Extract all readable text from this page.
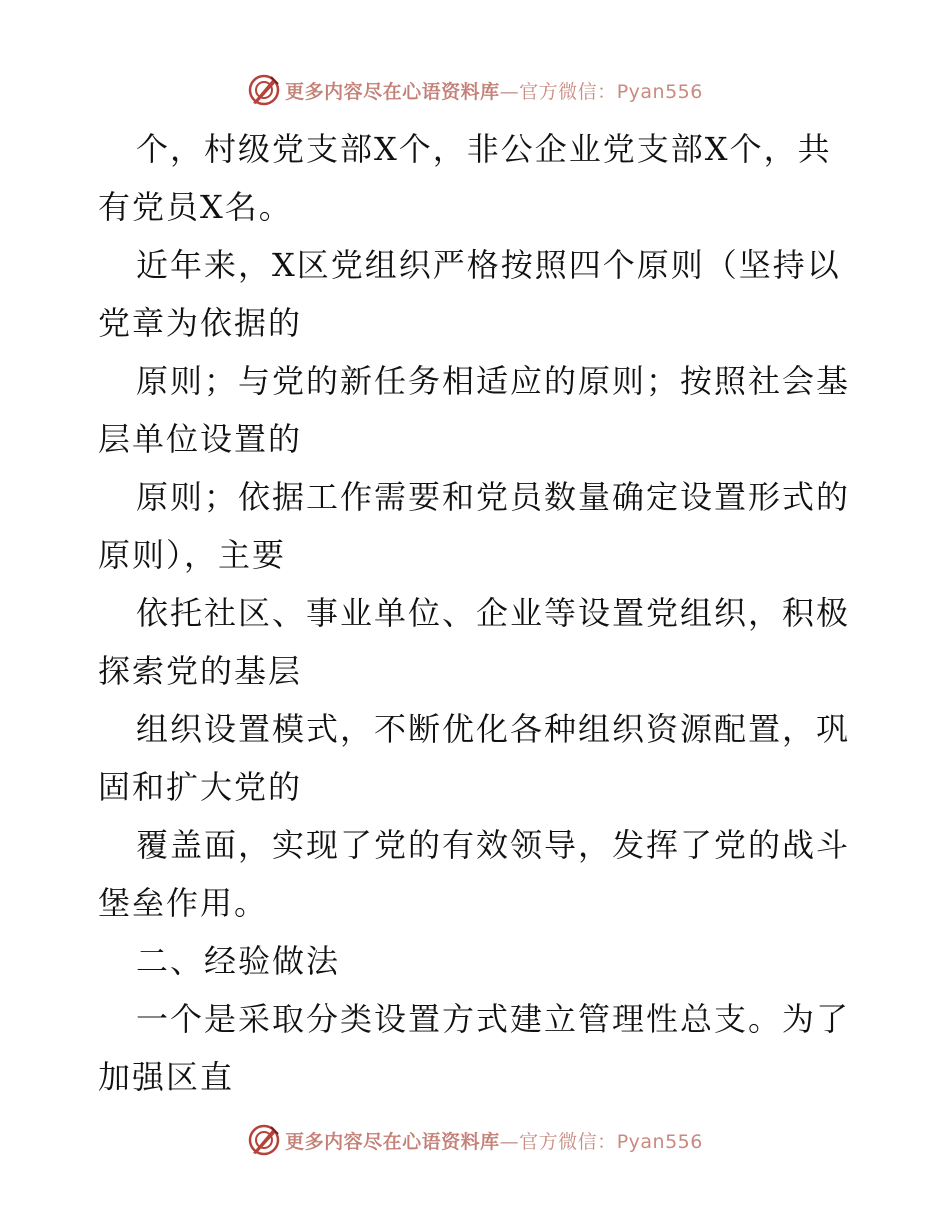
更多内容尽在心语资料库—官方微信：Pyan556
个，村级党支部X个，非公企业党支部X个，共
有党员X名。
近年来，X区党组织严格按照四个原则（坚持以
党章为依据的
原则；与党的新任务相适应的原则；按照社会基
层单位设置的
原则；依据工作需要和党员数量确定设置形式的
原则），主要
依托社区、事业单位、企业等设置党组织，积极
探索党的基层
组织设置模式，不断优化各种组织资源配置，巩
固和扩大党的
覆盖面，实现了党的有效领导，发挥了党的战斗
堡垒作用。
二、经验做法
一个是采取分类设置方式建立管理性总支。为了
加强区直
更多内容尽在心语资料库—官方微信：Pyan556
